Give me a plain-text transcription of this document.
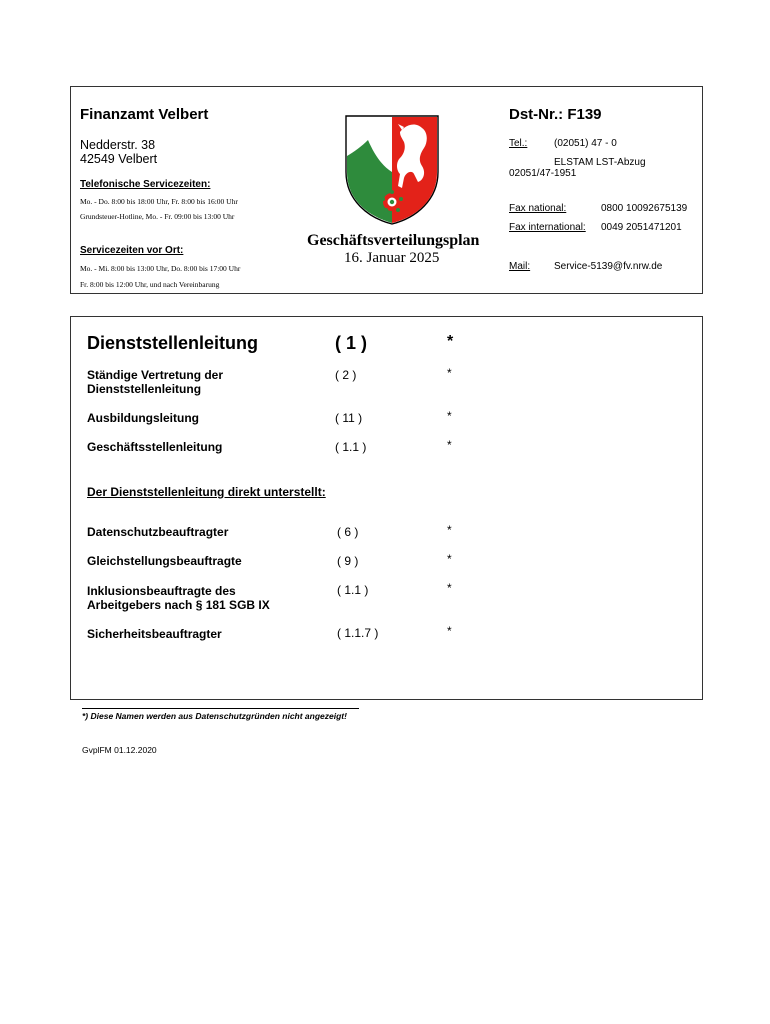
Finanzamt Velbert
Nedderstr. 38
42549 Velbert
Telefonische Servicezeiten:
Mo. - Do. 8:00 bis 18:00 Uhr, Fr. 8:00 bis 16:00 Uhr
Grundsteuer-Hotline, Mo. - Fr. 09:00 bis 13:00 Uhr
Servicezeiten vor Ort:
Mo. - Mi. 8:00 bis 13:00 Uhr, Do. 8:00 bis 17:00 Uhr
Fr. 8:00 bis 12:00 Uhr, und nach Vereinbarung
Geschäftsverteilungsplan
16. Januar 2025
Dst-Nr.: F139
Tel.:	(02051) 47 - 0
ELSTAM LST-Abzug
02051/47-1951
Fax national:	0800 10092675139
Fax international: 0049 2051471201
Mail: Service-5139@fv.nrw.de
Dienststellenleitung	( 1 )	*
Ständige Vertretung der
Dienststellenleitung
( 2 )	*
Ausbildungsleitung	( 11 )	*
Geschäftsstellenleitung	( 1.1 )	*
Der Dienststellenleitung direkt unterstellt:
Datenschutzbeauftragter	( 6 )	*
Gleichstellungsbeauftragte	( 9 )	*
Inklusionsbeauftragte des
Arbeitgebers nach § 181 SGB IX
( 1.1 )	*
Sicherheitsbeauftragter	( 1.1.7 )	*
*) Diese Namen werden aus Datenschutzgründen nicht angezeigt!
GvplFM 01.12.2020
